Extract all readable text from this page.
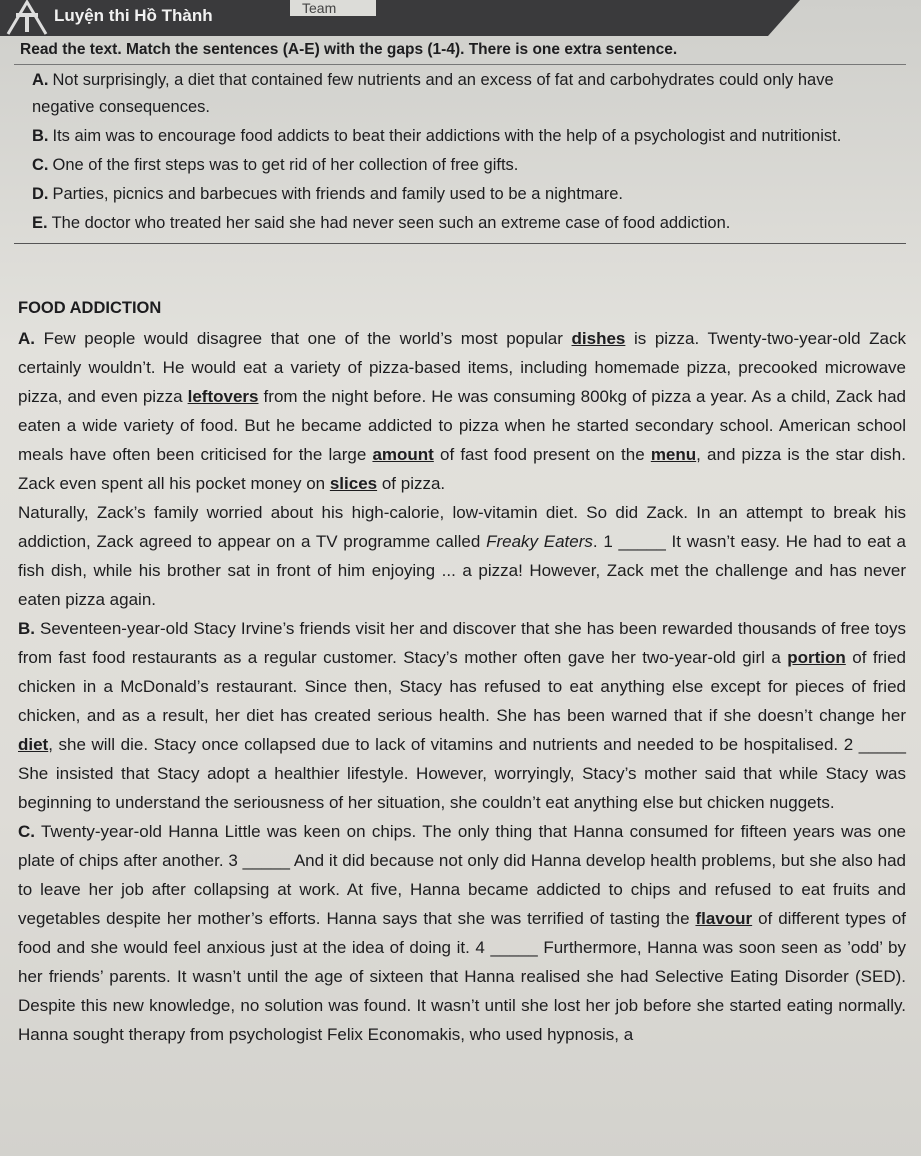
Luyện thi Hồ Thành	Team
Read the text. Match the sentences (A-E) with the gaps (1-4). There is one extra sentence.
A. Not surprisingly, a diet that contained few nutrients and an excess of fat and carbohydrates could only have negative consequences.
B. Its aim was to encourage food addicts to beat their addictions with the help of a psychologist and nutritionist.
C. One of the first steps was to get rid of her collection of free gifts.
D. Parties, picnics and barbecues with friends and family used to be a nightmare.
E. The doctor who treated her said she had never seen such an extreme case of food addiction.
FOOD ADDICTION

A. Few people would disagree that one of the world’s most popular dishes is pizza. Twenty-two-year-old Zack certainly wouldn’t. He would eat a variety of pizza-based items, including homemade pizza, precooked microwave pizza, and even pizza leftovers from the night before. He was consuming 800kg of pizza a year. As a child, Zack had eaten a wide variety of food. But he became addicted to pizza when he started secondary school. American school meals have often been criticised for the large amount of fast food present on the menu, and pizza is the star dish. Zack even spent all his pocket money on slices of pizza.

Naturally, Zack’s family worried about his high-calorie, low-vitamin diet. So did Zack. In an attempt to break his addiction, Zack agreed to appear on a TV programme called Freaky Eaters. 1 _____ It wasn’t easy. He had to eat a fish dish, while his brother sat in front of him enjoying ... a pizza! However, Zack met the challenge and has never eaten pizza again.

B. Seventeen-year-old Stacy Irvine’s friends visit her and discover that she has been rewarded thousands of free toys from fast food restaurants as a regular customer. Stacy’s mother often gave her two-year-old girl a portion of fried chicken in a McDonald’s restaurant. Since then, Stacy has refused to eat anything else except for pieces of fried chicken, and as a result, her diet has created serious health. She has been warned that if she doesn’t change her diet, she will die. Stacy once collapsed due to lack of vitamins and nutrients and needed to be hospitalised. 2 _____ She insisted that Stacy adopt a healthier lifestyle. However, worryingly, Stacy’s mother said that while Stacy was beginning to understand the seriousness of her situation, she couldn’t eat anything else but chicken nuggets.

C. Twenty-year-old Hanna Little was keen on chips. The only thing that Hanna consumed for fifteen years was one plate of chips after another. 3 _____ And it did because not only did Hanna develop health problems, but she also had to leave her job after collapsing at work. At five, Hanna became addicted to chips and refused to eat fruits and vegetables despite her mother’s efforts. Hanna says that she was terrified of tasting the flavour of different types of food and she would feel anxious just at the idea of doing it. 4 _____ Furthermore, Hanna was soon seen as ’odd’ by her friends’ parents. It wasn’t until the age of sixteen that Hanna realised she had Selective Eating Disorder (SED). Despite this new knowledge, no solution was found. It wasn’t until she lost her job before she started eating normally. Hanna sought therapy from psychologist Felix Economakis, who used hypnosis, a
